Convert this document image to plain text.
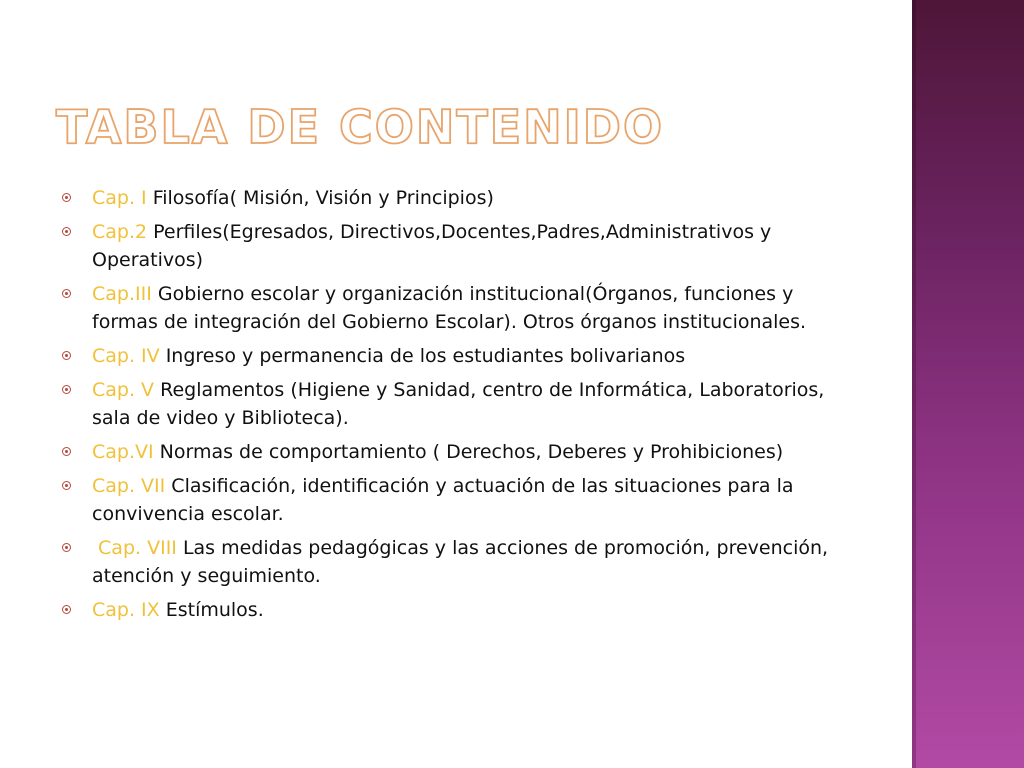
TABLA DE CONTENIDO
Cap. I Filosofía( Misión, Visión y Principios)
Cap.2 Perfiles(Egresados, Directivos,Docentes,Padres,Administrativos y Operativos)
Cap.III Gobierno escolar y organización institucional(Órganos, funciones y formas de integración del Gobierno Escolar). Otros órganos institucionales.
Cap. IV Ingreso y permanencia de los estudiantes bolivarianos
Cap. V Reglamentos (Higiene y Sanidad, centro de Informática, Laboratorios, sala de video y Biblioteca).
Cap.VI Normas de comportamiento ( Derechos, Deberes y Prohibiciones)
Cap. VII Clasificación, identificación y actuación de las situaciones para la convivencia escolar.
Cap. VIII Las medidas pedagógicas y las acciones de promoción, prevención, atención y seguimiento.
Cap. IX Estímulos.
